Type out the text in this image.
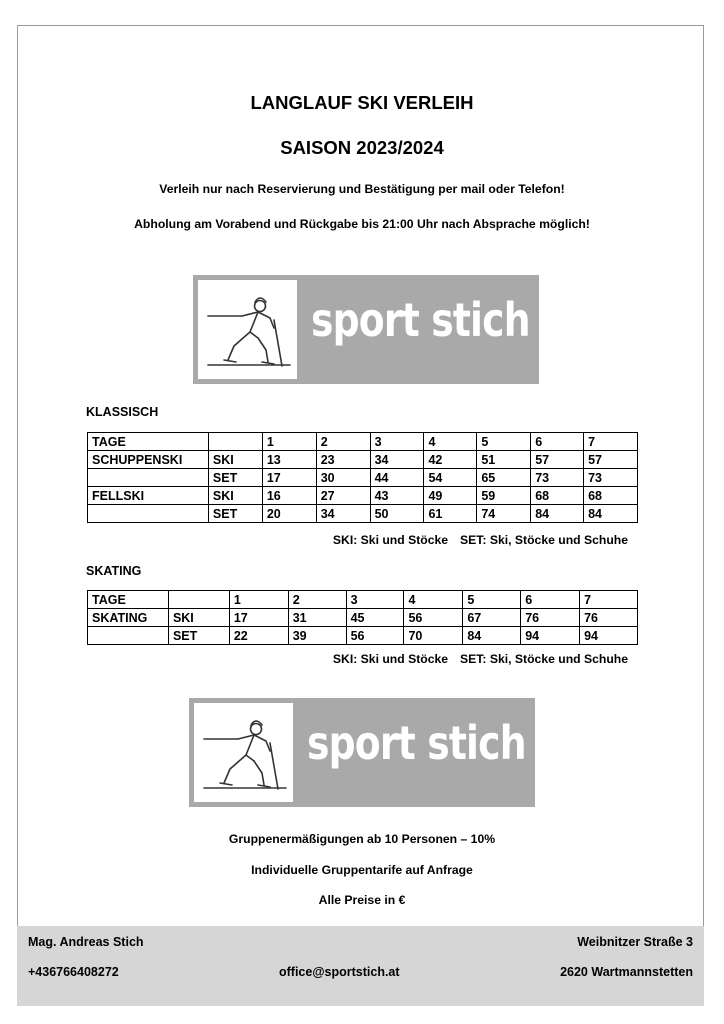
LANGLAUF SKI VERLEIH
SAISON 2023/2024
Verleih nur nach Reservierung und Bestätigung per mail oder Telefon!
Abholung am Vorabend und Rückgabe bis 21:00 Uhr nach Absprache möglich!
sport stich
KLASSISCH
TAGE		1	2	3	4	5	6	7
SCHUPPENSKI	SKI	13	23	34	42	51	57	57
	SET	17	30	44	54	65	73	73
FELLSKI	SKI	16	27	43	49	59	68	68
	SET	20	34	50	61	74	84	84
SKI: Ski und Stöcke SET: Ski, Stöcke und Schuhe
SKATING
TAGE		1	2	3	4	5	6	7
SKATING	SKI	17	31	45	56	67	76	76
	SET	22	39	56	70	84	94	94
SKI: Ski und Stöcke SET: Ski, Stöcke und Schuhe
sport stich
Gruppenermäßigungen ab 10 Personen – 10%
Individuelle Gruppentarife auf Anfrage
Alle Preise in €
Mag. Andreas Stich	Weibnitzer Straße 3
+436766408272	office@sportstich.at	2620 Wartmannstetten
